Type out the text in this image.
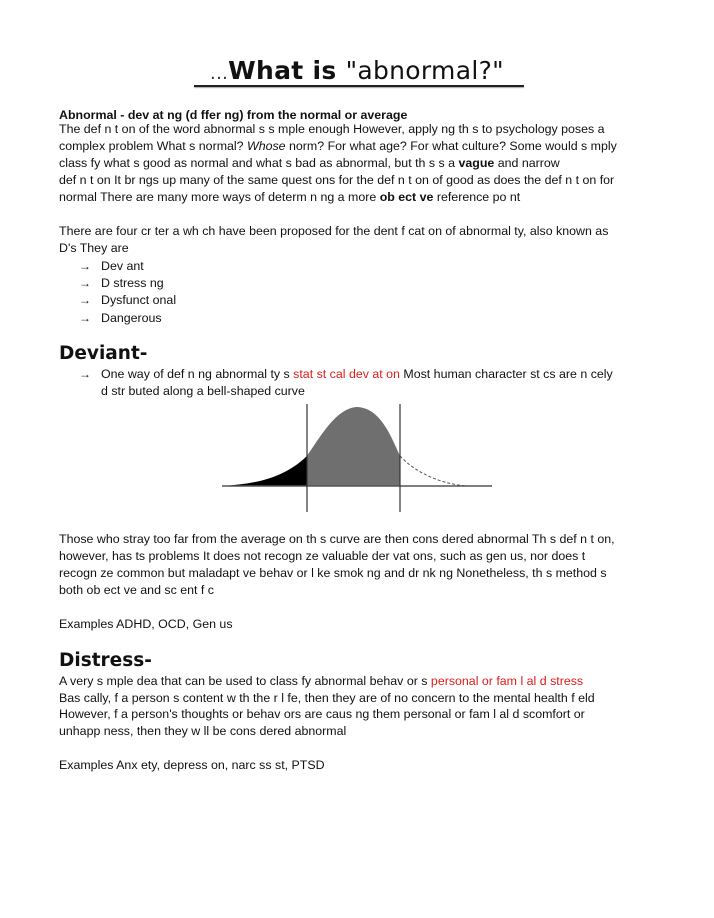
...What is "abnormal?"
Abnormal - dev at ng (d ffer ng) from the normal or average
The def n t on of the word abnormal s s mple enough However, apply ng th s to psychology poses a
complex problem What s normal? Whose norm? For what age? For what culture? Some would s mply
class fy what s good as normal and what s bad as abnormal, but th s s a vague and narrow
def n t on It br ngs up many of the same quest ons for the def n t on of good as does the def n t on for
normal There are many more ways of determ n ng a more ob ect ve reference po nt
There are four cr ter a wh ch have been proposed for the dent f cat on of abnormal ty, also known as
D's They are
→ Dev ant
→ D stress ng
→ Dysfunct onal
→ Dangerous
Deviant-
→ One way of def n ng abnormal ty s stat st cal dev at on Most human character st cs are n cely
d str buted along a bell-shaped curve
Those who stray too far from the average on th s curve are then cons dered abnormal Th s def n t on,
however, has ts problems It does not recogn ze valuable der vat ons, such as gen us, nor does t
recogn ze common but maladapt ve behav or l ke smok ng and dr nk ng Nonetheless, th s method s
both ob ect ve and sc ent f c
Examples ADHD, OCD, Gen us
Distress-
A very s mple dea that can be used to class fy abnormal behav or s personal or fam l al d stress
Bas cally, f a person s content w th the r l fe, then they are of no concern to the mental health f eld
However, f a person's thoughts or behav ors are caus ng them personal or fam l al d scomfort or
unhapp ness, then they w ll be cons dered abnormal
Examples Anx ety, depress on, narc ss st, PTSD
